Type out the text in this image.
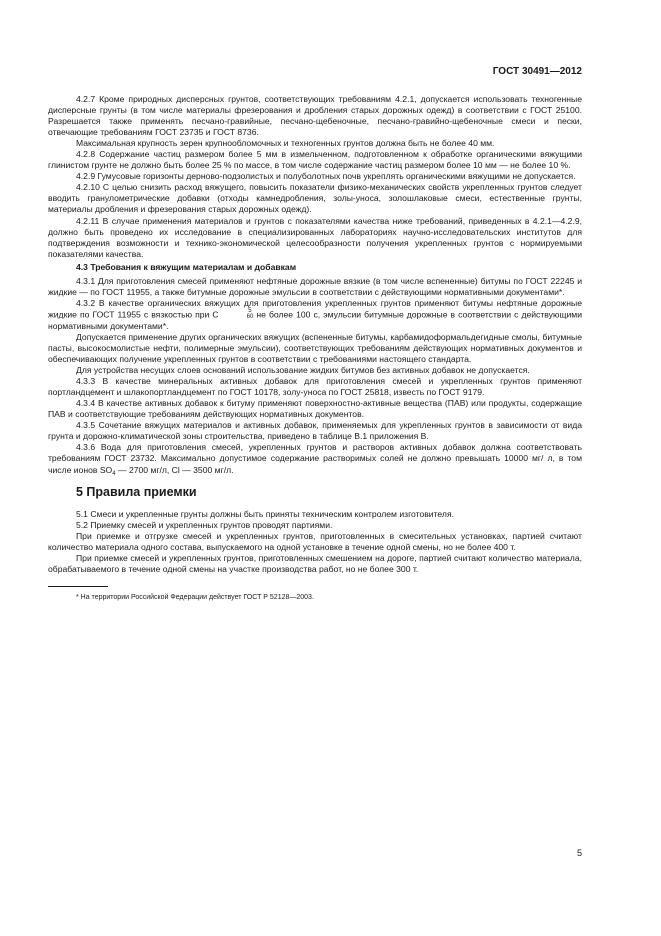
ГОСТ 30491—2012

4.2.7 Кроме природных дисперсных грунтов, соответствующих требованиям 4.2.1, допускается использовать техногенные дисперсные грунты (в том числе материалы фрезерования и дробления старых дорожных одежд) в соответствии с ГОСТ 25100. Разрешается также применять песчано-гравийные, песчано-щебеночные, песчано-гравийно-щебеночные смеси и пески, отвечающие требованиям ГОСТ 23735 и ГОСТ 8736.

Максимальная крупность зерен крупнообломочных и техногенных грунтов должна быть не более 40 мм.

4.2.8 Содержание частиц размером более 5 мм в измельченном, подготовленном к обработке органическими вяжущими глинистом грунте не должно быть более 25 % по массе, в том числе содержание частиц размером более 10 мм — не более 10 %.

4.2.9 Гумусовые горизонты дерново-подзолистых и полуболотных почв укреплять органическими вяжущими не допускается.

4.2.10 С целью снизить расход вяжущего, повысить показатели физико-механических свойств укрепленных грунтов следует вводить гранулометрические добавки (отходы камнедробления, золы-уноса, золошлаковые смеси, естественные грунты, материалы дробления и фрезерования старых дорожных одежд).

4.2.11 В случае применения материалов и грунтов с показателями качества ниже требований, приведенных в 4.2.1—4.2.9, должно быть проведено их исследование в специализированных лабораториях научно-исследовательских институтов для подтверждения возможности и технико-экономической целесообразности получения укрепленных грунтов с нормируемыми показателями качества.

4.3 Требования к вяжущим материалам и добавкам

4.3.1 Для приготовления смесей применяют нефтяные дорожные вязкие (в том числе вспененные) битумы по ГОСТ 22245 и жидкие — по ГОСТ 11955, а также битумные дорожные эмульсии в соответствии с действующими нормативными документами*.

4.3.2 В качестве органических вяжущих для приготовления укрепленных грунтов применяют битумы нефтяные дорожные жидкие по ГОСТ 11955 с вязкостью при С	5
60 не более 100 с, эмульсии битумные дорожные в соответствии с действующими нормативными документами*.

Допускается применение других органических вяжущих (вспененные битумы, карбамидоформальдегидные смолы, битумные пасты, высокосмолистые нефти, полимерные эмульсии), соответствующих требованиям действующих нормативных документов и обеспечивающих получение укрепленных грунтов в соответствии с требованиями настоящего стандарта.

Для устройства несущих слоев оснований использование жидких битумов без активных добавок не допускается.

4.3.3 В качестве минеральных активных добавок для приготовления смесей и укрепленных грунтов применяют портландцемент и шлакопортландцемент по ГОСТ 10178, золу-уноса по ГОСТ 25818, известь по ГОСТ 9179.

4.3.4 В качестве активных добавок к битуму применяют поверхностно-активные вещества (ПАВ) или продукты, содержащие ПАВ и соответствующие требованиям действующих нормативных документов.

4.3.5 Сочетание вяжущих материалов и активных добавок, применяемых для укрепленных грунтов в зависимости от вида грунта и дорожно-климатической зоны строительства, приведено в таблице В.1 приложения В.

4.3.6 Вода для приготовления смесей, укрепленных грунтов и растворов активных добавок должна соответствовать требованиям ГОСТ 23732. Максимально допустимое содержание растворимых солей не должно превышать 10000 мг/ л, в том числе ионов $SO_4$ — 2700 мг/л, Cl — 3500 мг/л.

5 Правила приемки

5.1 Смеси и укрепленные грунты должны быть приняты техническим контролем изготовителя.

5.2 Приемку смесей и укрепленных грунтов проводят партиями.

При приемке и отгрузке смесей и укрепленных грунтов, приготовленных в смесительных установках, партией считают количество материала одного состава, выпускаемого на одной установке в течение одной смены, но не более 400 т.

При приемке смесей и укрепленных грунтов, приготовленных смешением на дороге, партией считают количество материала, обрабатываемого в течение одной смены на участке производства работ, но не более 300 т.

* На территории Российской Федерации действует ГОСТ Р 52128—2003.

5
